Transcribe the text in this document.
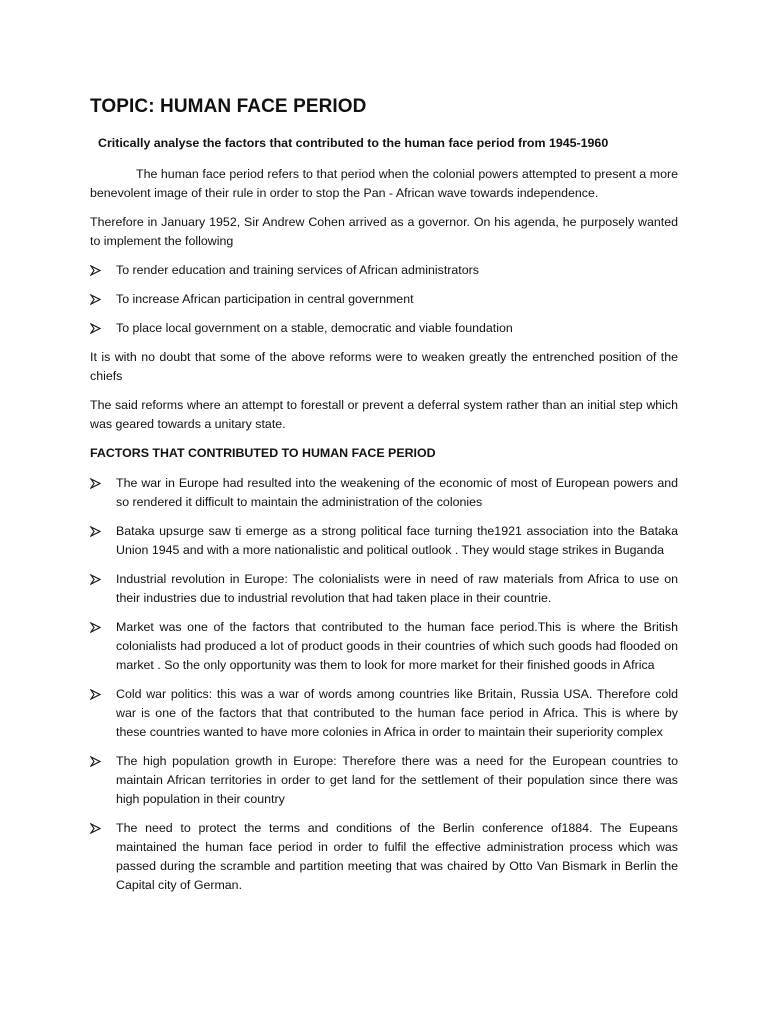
TOPIC: HUMAN FACE PERIOD
Critically analyse the factors that contributed to the human face period from 1945-1960

The human face period refers to that period when the colonial powers attempted to present a more benevolent image of their rule in order to stop the Pan - African wave towards independence.

Therefore in January 1952, Sir Andrew Cohen arrived as a governor. On his agenda, he purposely wanted to implement the following

To render education and training services of African administrators
To increase African participation in central government
To place local government on a stable, democratic and viable foundation

It is with no doubt that some of the above reforms were to weaken greatly the entrenched position of the chiefs

The said reforms where an attempt to forestall or prevent a deferral system rather than an initial step which was geared towards a unitary state.

FACTORS THAT CONTRIBUTED TO HUMAN FACE PERIOD
The war in Europe had resulted into the weakening of the economic of most of European powers and so rendered it difficult to maintain the administration of the colonies
Bataka upsurge saw ti emerge as a strong political face turning the1921 association into the Bataka Union 1945 and with a more nationalistic and political outlook . They would stage strikes in Buganda
Industrial revolution in Europe: The colonialists were in need of raw materials from Africa to use on their industries due to industrial revolution that had taken place in their countrie.
Market was one of the factors that contributed to the human face period.This is where the British colonialists had produced a lot of product goods in their countries of which such goods had flooded on market . So the only opportunity was them to look for more market for their finished goods in Africa
Cold war politics: this was a war of words among countries like Britain, Russia USA. Therefore cold war is one of the factors that that contributed to the human face period in Africa. This is where by these countries wanted to have more colonies in Africa in order to maintain their superiority complex
The high population growth in Europe: Therefore there was a need for the European countries to maintain African territories in order to get land for the settlement of their population since there was high population in their country
The need to protect the terms and conditions of the Berlin conference of1884. The Eupeans maintained the human face period in order to fulfil the effective administration process which was passed during the scramble and partition meeting that was chaired by Otto Van Bismark in Berlin the Capital city of German.
